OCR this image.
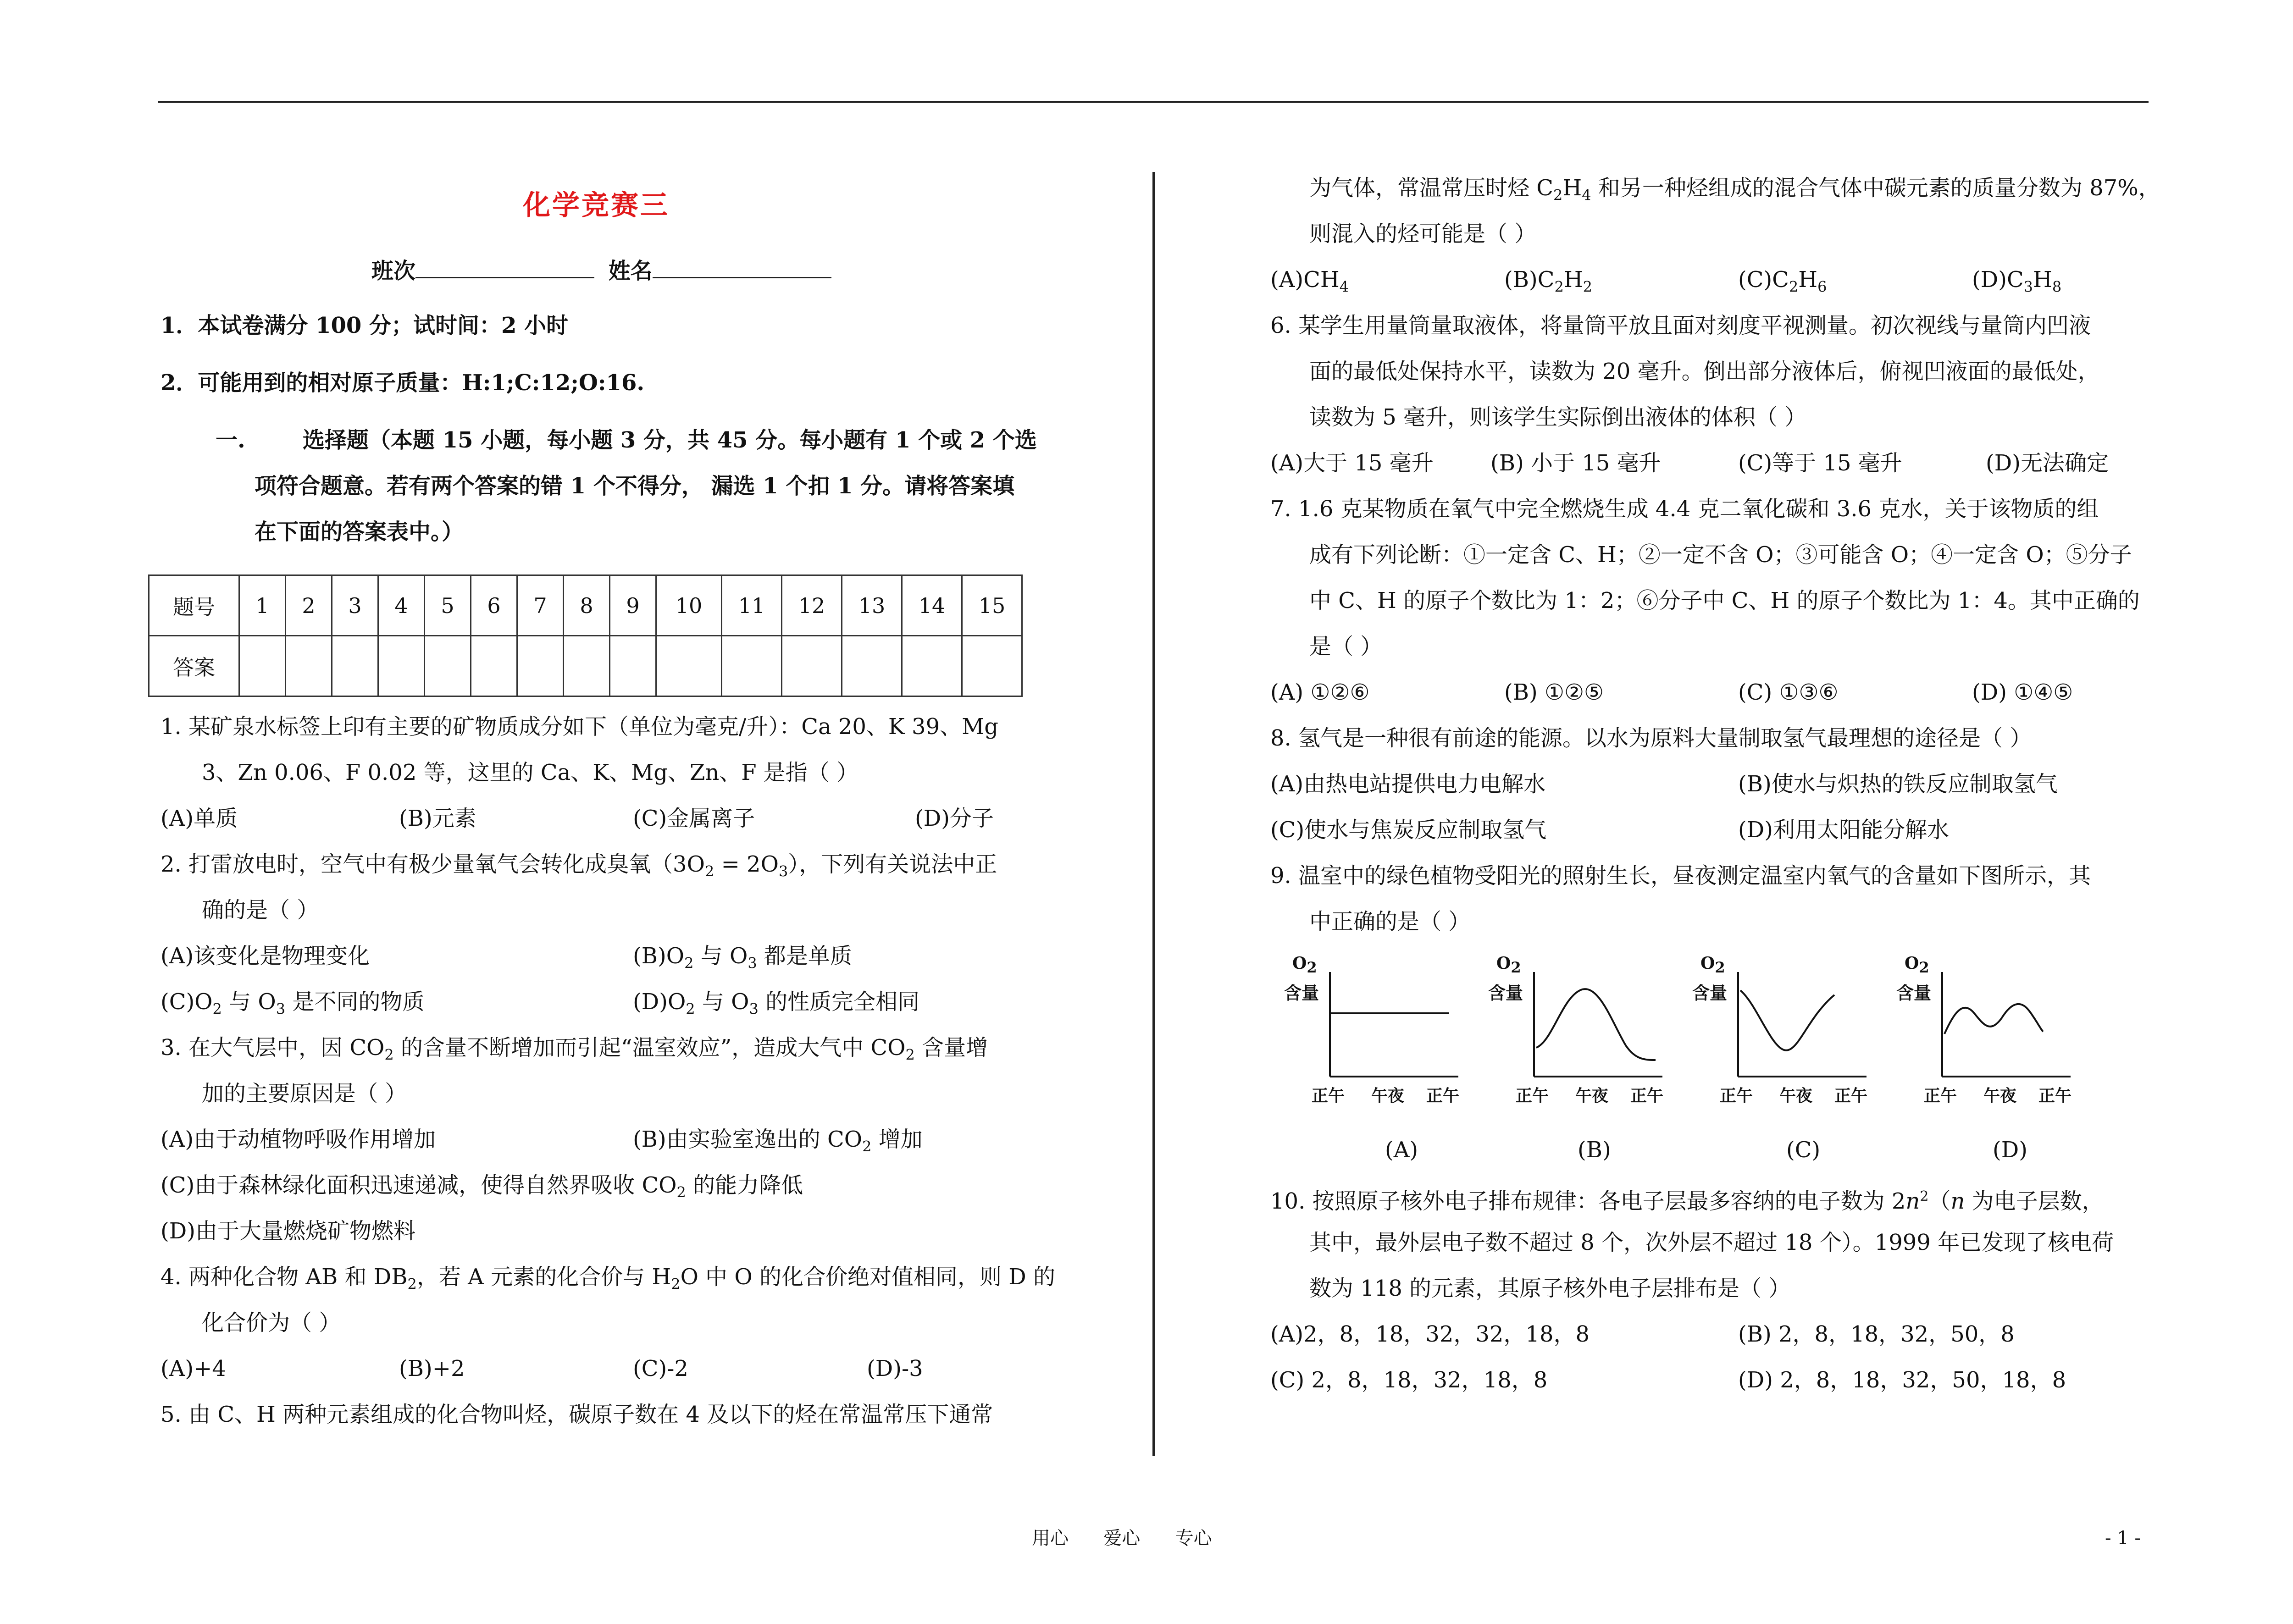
化学竞赛三
班次	姓名
1．本试卷满分 100 分；试时间：2 小时
2．可能用到的相对原子质量：H:1;C:12;O:16.
一.	选择题（本题 15 小题，每小题 3 分，共 45 分。每小题有 1 个或 2 个选
项符合题意。若有两个答案的错 1 个不得分， 漏选 1 个扣 1 分。请将答案填
在下面的答案表中。）
题号	1	2	3	4	5	6	7	8	9	10	11	12	13	14	15
答案															
1. 某矿泉水标签上印有主要的矿物质成分如下（单位为毫克/升）：Ca 20、K 39、Mg
3、Zn 0.06、F 0.02 等，这里的 Ca、K、Mg、Zn、F 是指（ ）
(A)单质	(B)元素	(C)金属离子	(D)分子
2. 打雷放电时，空气中有极少量氧气会转化成臭氧$(3O_2 = 2O_3)$，下列有关说法中正
确的是（ ）
(A)该变化是物理变化	$(B)O_2$ 与 $O_3$ 都是单质
$(C)O_2$ 与 $O_3$ 是不同的物质	$(D)O_2$ 与 $O_3$ 的性质完全相同
3. 在大气层中，因 $CO_2$ 的含量不断增加而引起“温室效应”，造成大气中 $CO_2$ 含量增
加的主要原因是（ ）
(A)由于动植物呼吸作用增加	(B)由实验室逸出的 $CO_2$ 增加
(C)由于森林绿化面积迅速递减，使得自然界吸收 $CO_2$ 的能力降低
(D)由于大量燃烧矿物燃料
4. 两种化合物 AB 和 $DB_2$，若 A 元素的化合价与 $H_2O$ 中 O 的化合价绝对值相同，则 D 的
化合价为（ ）
(A)+4	(B)+2	(C)-2	(D)-3
5. 由 C、H 两种元素组成的化合物叫烃，碳原子数在 4 及以下的烃在常温常压下通常
为气体，常温常压时烃 $C_2H_4$ 和另一种烃组成的混合气体中碳元素的质量分数为 87%，
则混入的烃可能是（ ）
$(A)CH_4$	$(B)C_2H_2$	$(C)C_2H_6$	$(D)C_3H_8$
6. 某学生用量筒量取液体，将量筒平放且面对刻度平视测量。初次视线与量筒内凹液
面的最低处保持水平，读数为 20 毫升。倒出部分液体后，俯视凹液面的最低处，
读数为 5 毫升，则该学生实际倒出液体的体积（ ）
(A)大于 15 毫升	(B) 小于 15 毫升	(C)等于 15 毫升	(D)无法确定
7. 1.6 克某物质在氧气中完全燃烧生成 4.4 克二氧化碳和 3.6 克水，关于该物质的组
成有下列论断：①一定含 C、H；②一定不含 O；③可能含 O；④一定含 O；⑤分子
中 C、H 的原子个数比为 1：2；⑥分子中 C、H 的原子个数比为 1：4。其中正确的
是（ ）
(A) ①②⑥	(B) ①②⑤	(C) ①③⑥	(D) ①④⑤
8. 氢气是一种很有前途的能源。以水为原料大量制取氢气最理想的途径是（ ）
(A)由热电站提供电力电解水	(B)使水与炽热的铁反应制取氢气
(C)使水与焦炭反应制取氢气	(D)利用太阳能分解水
9. 温室中的绿色植物受阳光的照射生长，昼夜测定温室内氧气的含量如下图所示，其
中正确的是（ ）
$O_2$
含量
正午 午夜 正午
(A)
$O_2$
含量
正午 午夜 正午
(B)
$O_2$
含量
正午 午夜 正午
(C)
$O_2$
含量
正午 午夜 正午
(D)
10. 按照原子核外电子排布规律：各电子层最多容纳的电子数为 $2n^2(n$ 为电子层数，
其中，最外层电子数不超过 8 个，次外层不超过 18 个）。1999 年已发现了核电荷
数为 118 的元素，其原子核外电子层排布是（ ）
(A)2，8，18，32，32，18，8	(B) 2，8，18，32，50，8
(C) 2，8，18，32，18，8	(D) 2，8，18，32，50，18，8
用心      爱心      专心	- 1 -
